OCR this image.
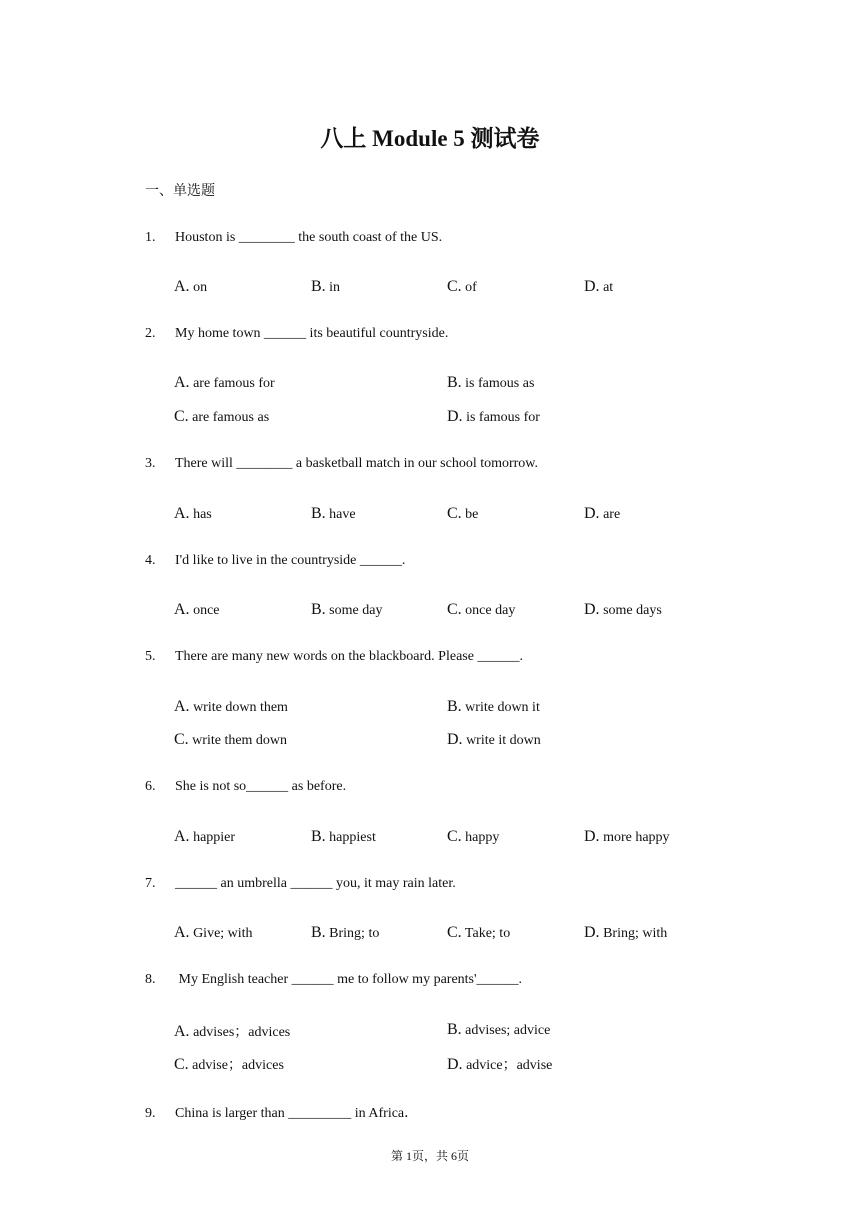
八上 Module 5 测试卷
一、单选题
1. Houston is ________ the south coast of the US.
A. on	B. in	C. of	D. at
2. My home town ______ its beautiful countryside.
A. are famous for	B. is famous as
C. are famous as	D. is famous for
3. There will ________ a basketball match in our school tomorrow.
A. has	B. have	C. be	D. are
4. I'd like to live in the countryside ______.
A. once	B. some day	C. once day	D. some days
5. There are many new words on the blackboard. Please ______.
A. write down them	B. write down it
C. write them down	D. write it down
6. She is not so______ as before.
A. happier	B. happiest	C. happy	D. more happy
7. ______ an umbrella ______ you, it may rain later.
A. Give; with	B. Bring; to	C. Take; to	D. Bring; with
8. My English teacher ______ me to follow my parents'______.
A. advises；advices	B. advises; advice
C. advise；advices	D. advice；advise
9. China is larger than _________ in Africa．
第 1页，共 6页
